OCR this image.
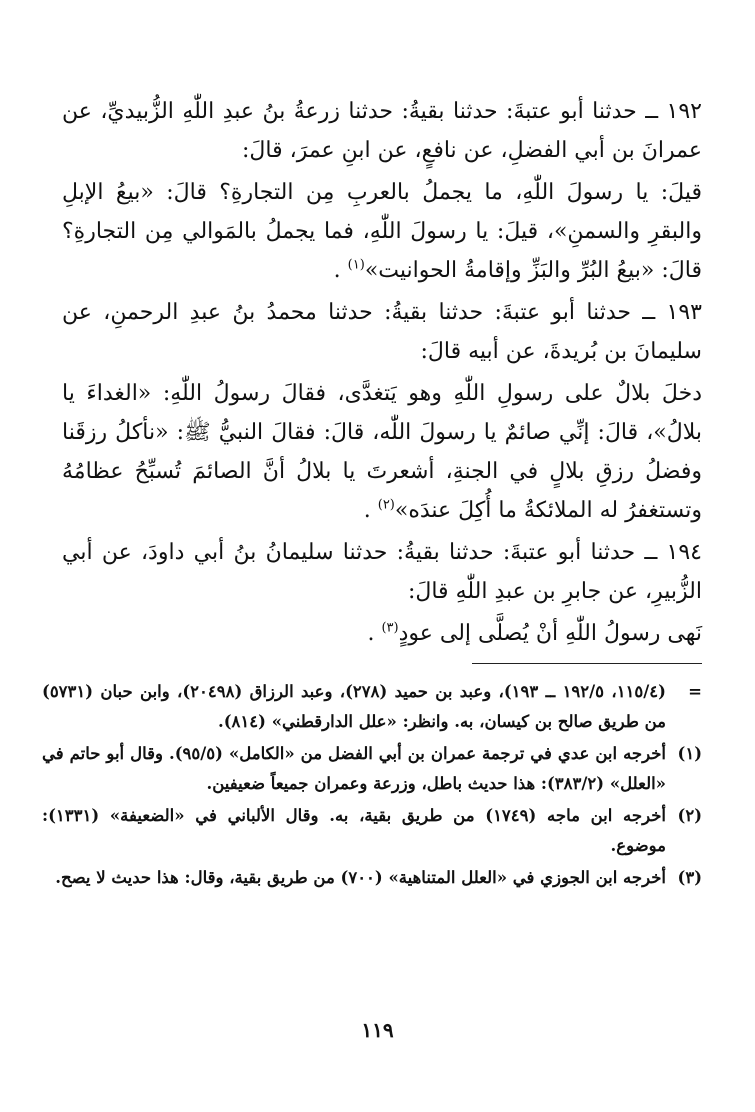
١٩٢ ــ حدثنا أبو عتبةَ: حدثنا بقيةُ: حدثنا زرعةُ بنُ عبدِ اللّٰهِ الزُّبيديِّ، عن عمرانَ بن أبي الفضلِ، عن نافعٍ، عن ابنِ عمرَ، قالَ:

قيلَ: يا رسولَ اللّٰهِ، ما يجملُ بالعربِ مِن التجارةِ؟ قالَ: «بيعُ الإبلِ والبقرِ والسمنِ»، قيلَ: يا رسولَ اللّٰهِ، فما يجملُ بالمَوالي مِن التجارةِ؟ قالَ: «بيعُ البُرِّ والبَزِّ وإقامةُ الحوانيت»$^{(١)}$ .

١٩٣ ــ حدثنا أبو عتبةَ: حدثنا بقيةُ: حدثنا محمدُ بنُ عبدِ الرحمنِ، عن سليمانَ بن بُريدةَ، عن أبيه قالَ:

دخلَ بلالٌ على رسولِ اللّٰهِ وهو يَتغدَّى، فقالَ رسولُ اللّٰهِ: «الغداءَ يا بلالُ»، قالَ: إنِّي صائمٌ يا رسولَ اللّٰه، قالَ: فقالَ النبيُّ ﷺ: «نأكلُ رزقَنا وفضلُ رزقِ بلالٍ في الجنةِ، أشعرتَ يا بلالُ أنَّ الصائمَ تُسبِّحُ عظامُهُ وتستغفرُ له الملائكةُ ما أُكِلَ عندَه»$^{(٢)}$ .

١٩٤ ــ حدثنا أبو عتبةَ: حدثنا بقيةُ: حدثنا سليمانُ بنُ أبي داودَ، عن أبي الزُّبيرِ، عن جابرِ بن عبدِ اللّٰهِ قالَ:

نَهى رسولُ اللّٰهِ أنْ يُصلَّى إلى عودٍ$^{(٣)}$ .

=
(١١٥/٤، ١٩٢/٥ ــ ١٩٣)، وعبد بن حميد (٢٧٨)، وعبد الرزاق (٢٠٤٩٨)، وابن حبان (٥٧٣١) من طريق صالح بن كيسان، به. وانظر: «علل الدارقطني» (٨١٤).
(١)
أخرجه ابن عدي في ترجمة عمران بن أبي الفضل من «الكامل» (٩٥/٥). وقال أبو حاتم في «العلل» (٣٨٣/٢): هذا حديث باطل، وزرعة وعمران جميعاً ضعيفين.
(٢)
أخرجه ابن ماجه (١٧٤٩) من طريق بقية، به. وقال الألباني في «الضعيفة» (١٣٣١): موضوع.
(٣)
أخرجه ابن الجوزي في «العلل المتناهية» (٧٠٠) من طريق بقية، وقال: هذا حديث لا يصح.
١١٩
